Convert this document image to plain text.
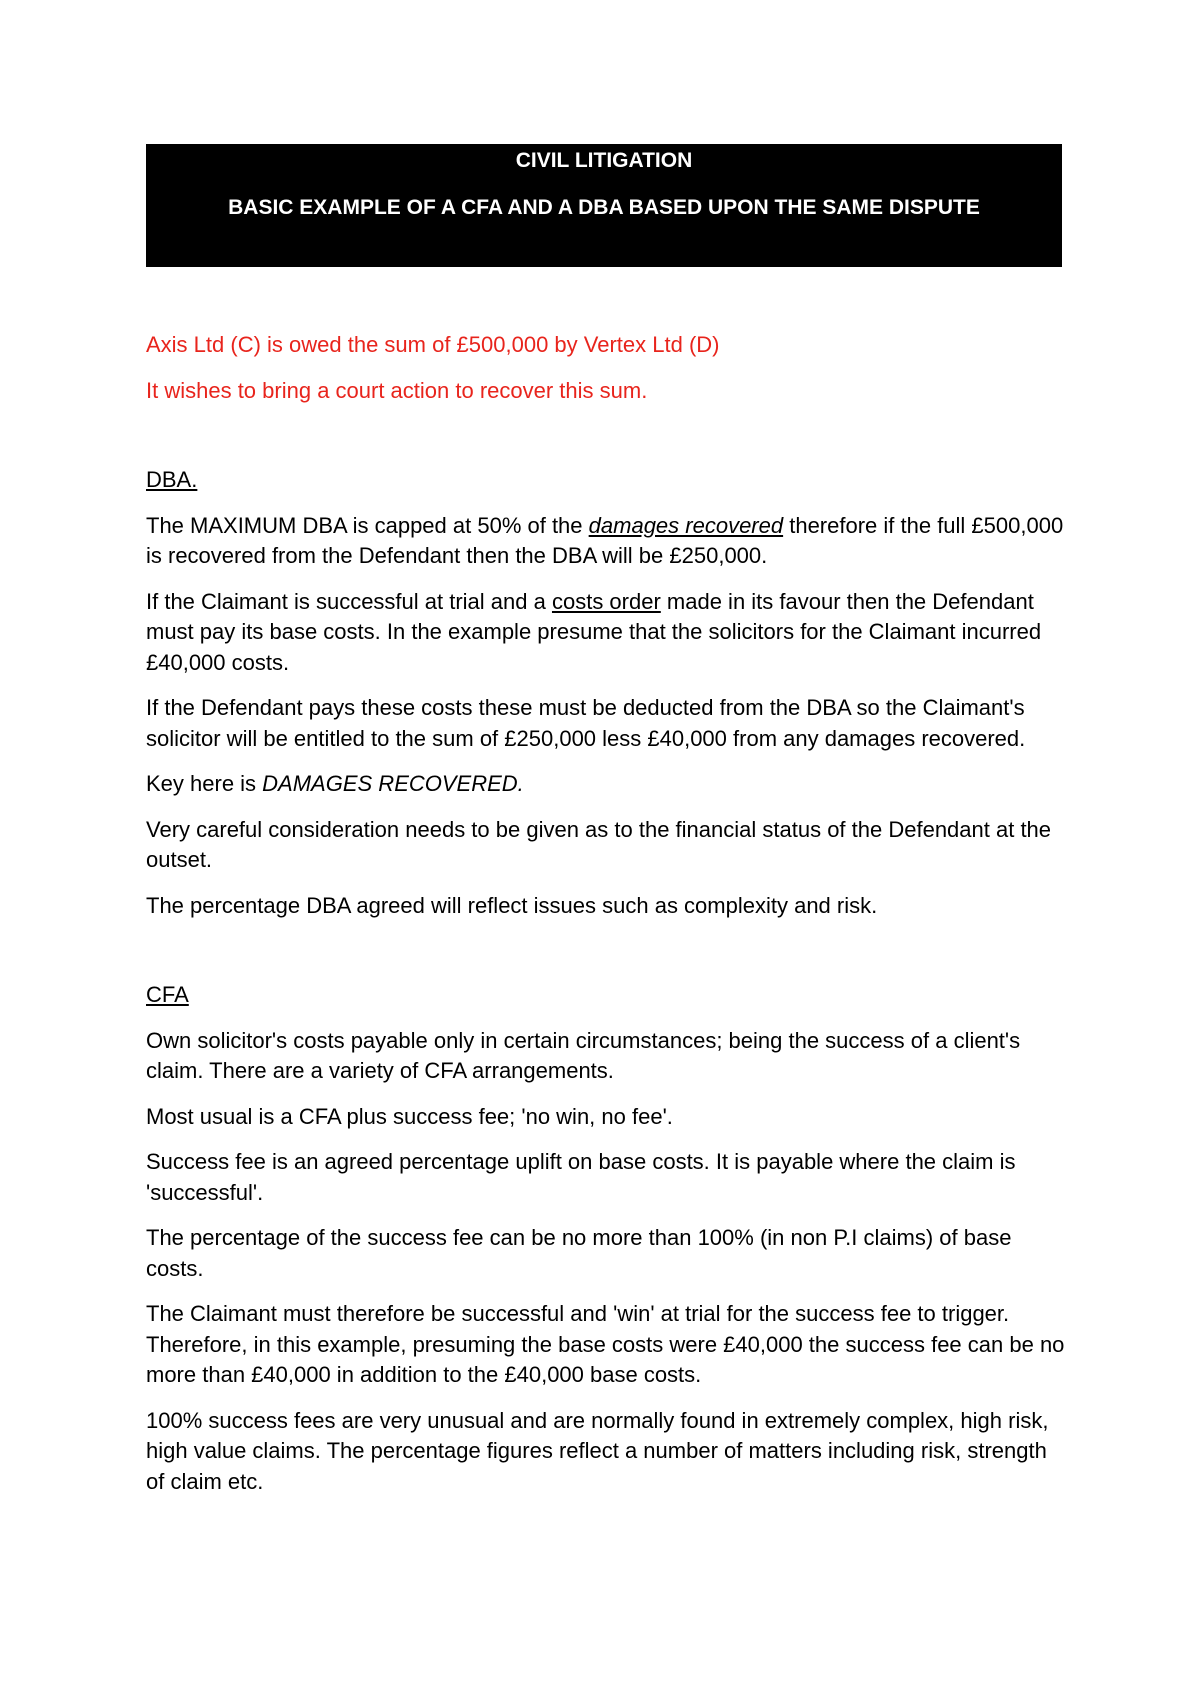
CIVIL LITIGATION
BASIC EXAMPLE OF A CFA AND A DBA BASED UPON THE SAME DISPUTE

Axis Ltd (C) is owed the sum of £500,000 by Vertex Ltd (D)

It wishes to bring a court action to recover this sum.

DBA.

The MAXIMUM DBA is capped at 50% of the damages recovered therefore if the full £500,000 is recovered from the Defendant then the DBA will be £250,000.

If the Claimant is successful at trial and a costs order made in its favour then the Defendant must pay its base costs. In the example presume that the solicitors for the Claimant incurred £40,000 costs.

If the Defendant pays these costs these must be deducted from the DBA so the Claimant's solicitor will be entitled to the sum of £250,000 less £40,000 from any damages recovered.

Key here is DAMAGES RECOVERED.

Very careful consideration needs to be given as to the financial status of the Defendant at the outset.

The percentage DBA agreed will reflect issues such as complexity and risk.

CFA

Own solicitor's costs payable only in certain circumstances; being the success of a client's claim. There are a variety of CFA arrangements.

Most usual is a CFA plus success fee; 'no win, no fee'.

Success fee is an agreed percentage uplift on base costs. It is payable where the claim is 'successful'.

The percentage of the success fee can be no more than 100% (in non P.I claims) of base costs.

The Claimant must therefore be successful and 'win' at trial for the success fee to trigger. Therefore, in this example, presuming the base costs were £40,000 the success fee can be no more than £40,000 in addition to the £40,000 base costs.

100% success fees are very unusual and are normally found in extremely complex, high risk, high value claims. The percentage figures reflect a number of matters including risk, strength of claim etc.
